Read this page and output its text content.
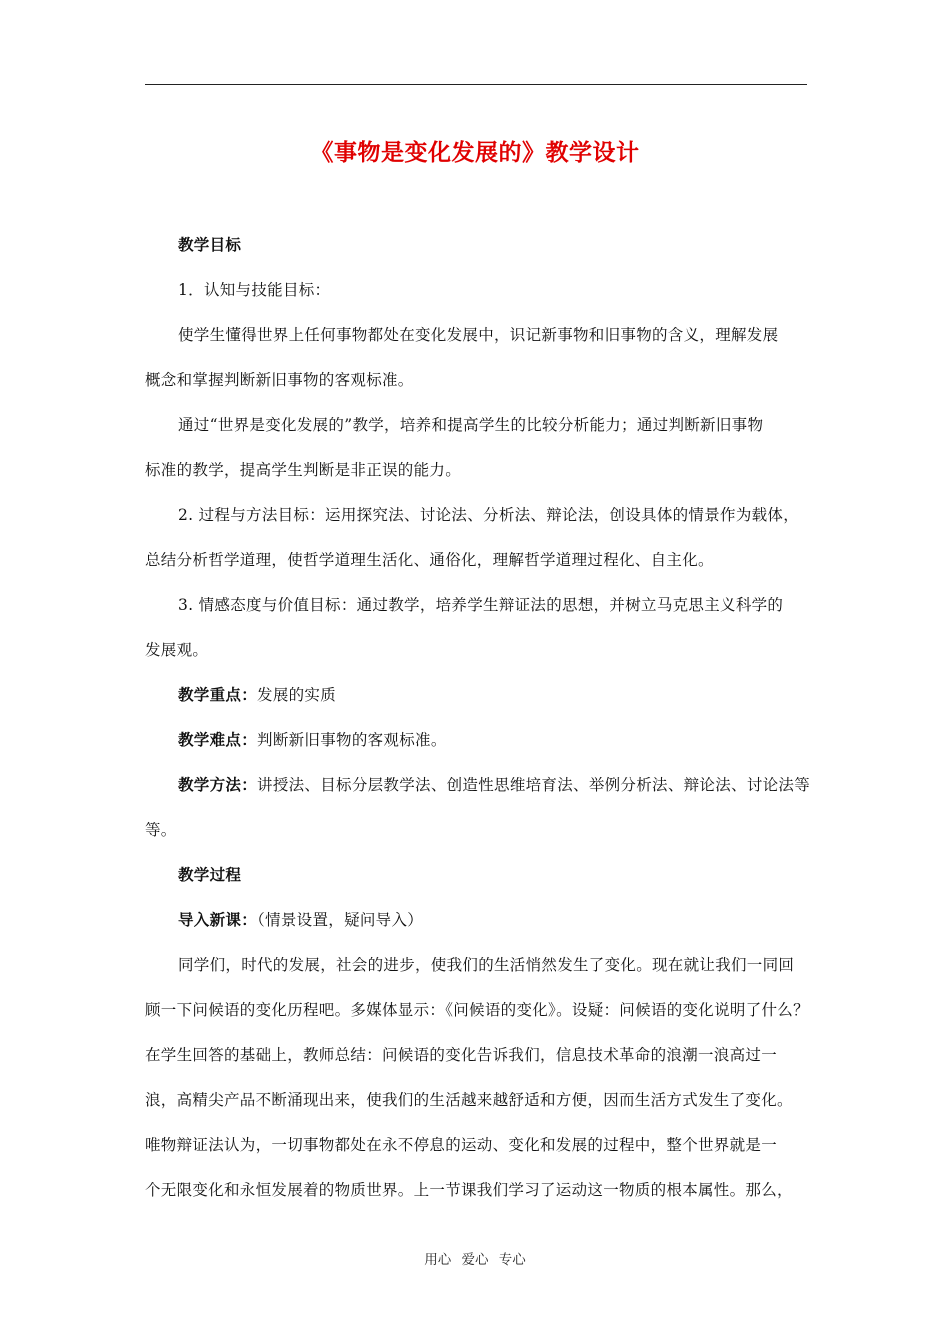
《事物是变化发展的》教学设计
教学目标
1．认知与技能目标：
使学生懂得世界上任何事物都处在变化发展中，识记新事物和旧事物的含义，理解发展
概念和掌握判断新旧事物的客观标准。
通过“世界是变化发展的”教学，培养和提高学生的比较分析能力；通过判断新旧事物
标准的教学，提高学生判断是非正误的能力。
2. 过程与方法目标：运用探究法、讨论法、分析法、辩论法，创设具体的情景作为载体，
总结分析哲学道理，使哲学道理生活化、通俗化，理解哲学道理过程化、自主化。
3. 情感态度与价值目标：通过教学，培养学生辩证法的思想，并树立马克思主义科学的
发展观。
教学重点：发展的实质
教学难点：判断新旧事物的客观标准。
教学方法：讲授法、目标分层教学法、创造性思维培育法、举例分析法、辩论法、讨论法等
等。
教学过程
导入新课：（情景设置，疑问导入）
同学们，时代的发展，社会的进步，使我们的生活悄然发生了变化。现在就让我们一同回
顾一下问候语的变化历程吧。多媒体显示：《问候语的变化》。设疑：问候语的变化说明了什么？
在学生回答的基础上，教师总结：问候语的变化告诉我们，信息技术革命的浪潮一浪高过一
浪，高精尖产品不断涌现出来，使我们的生活越来越舒适和方便，因而生活方式发生了变化。
唯物辩证法认为，一切事物都处在永不停息的运动、变化和发展的过程中，整个世界就是一
个无限变化和永恒发展着的物质世界。上一节课我们学习了运动这一物质的根本属性。那么，
用心 爱心 专心
